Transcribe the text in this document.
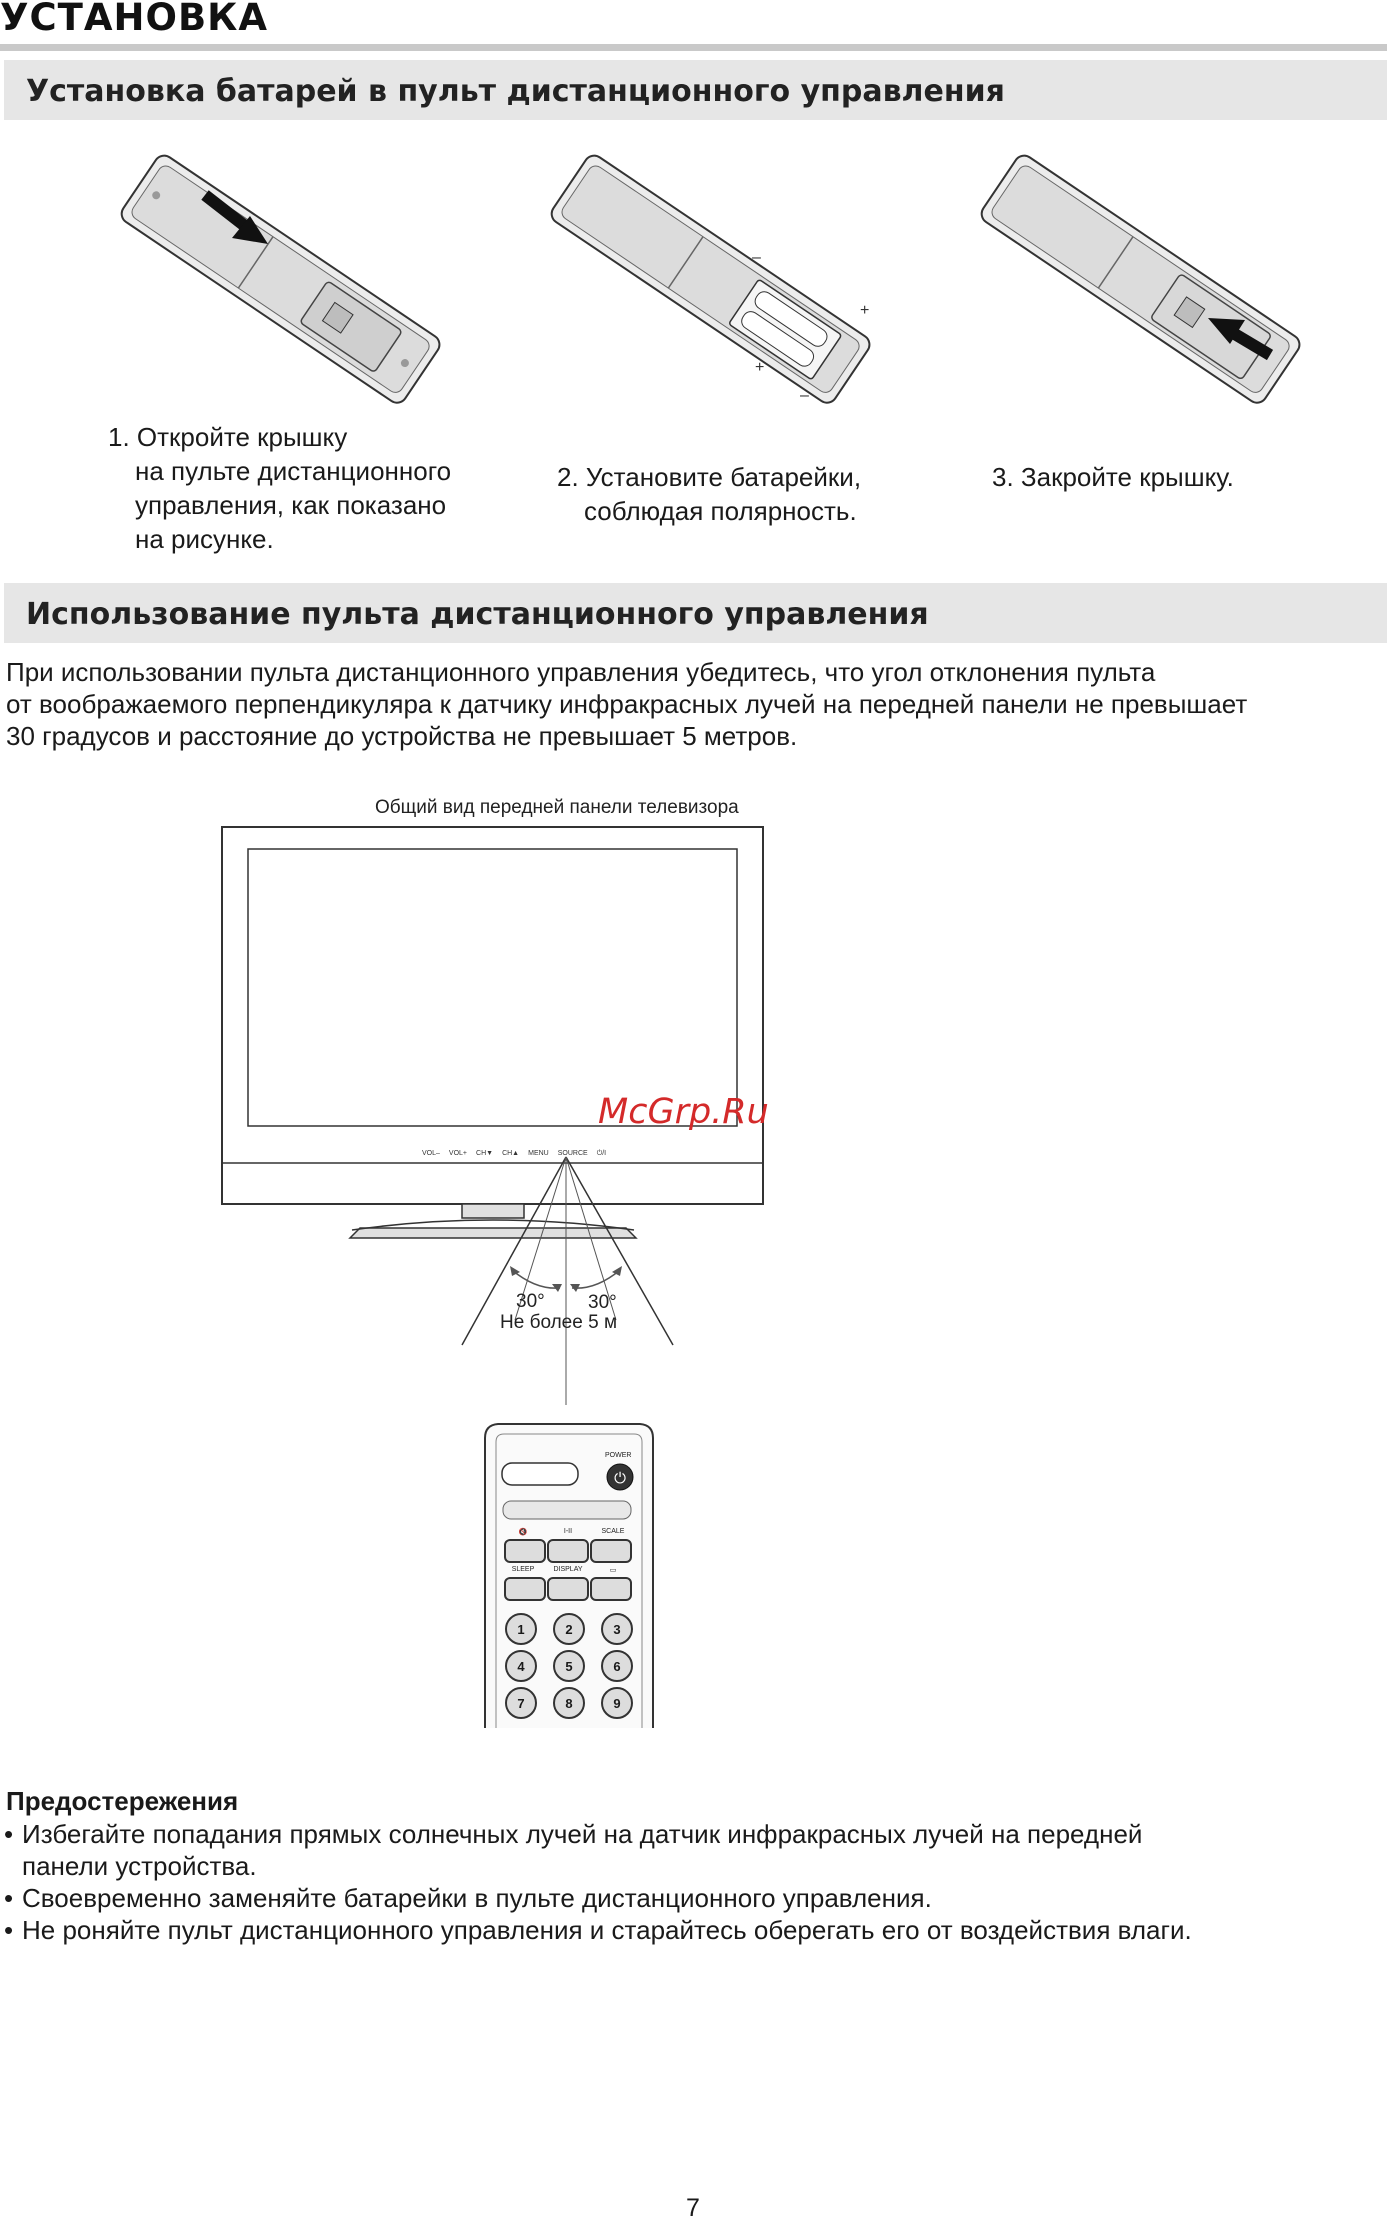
УСТАНОВКА
Установка батарей в пульт дистанционного управления
–
+
+
–
1. Откройте крышку
на пульте дистанционного
управления, как показано
на рисунке.
2. Установите батарейки,
соблюдая полярность.
3. Закройте крышку.
Использование пульта дистанционного управления
При использовании пульта дистанционного управления убедитесь, что угол отклонения пульта
от воображаемого перпендикуляра к датчику инфракрасных лучей на передней панели не превышает
30 градусов и расстояние до устройства не превышает 5 метров.
Общий вид передней панели телевизора
⏻
VOL– VOL+ CH▼ CH▲ MENU SOURCE ⏻/I
McGrp.Ru
30° 30°
Не более 5 м
POWER
🔇	I-II	SCALE
SLEEP	DISPLAY	▭
1	2	3
4	5	6
7	8	9
Предостережения
• Избегайте попадания прямых солнечных лучей на датчик инфракрасных лучей на передней
панели устройства.
• Своевременно заменяйте батарейки в пульте дистанционного управления.
• Не роняйте пульт дистанционного управления и старайтесь оберегать его от воздействия влаги.
7
